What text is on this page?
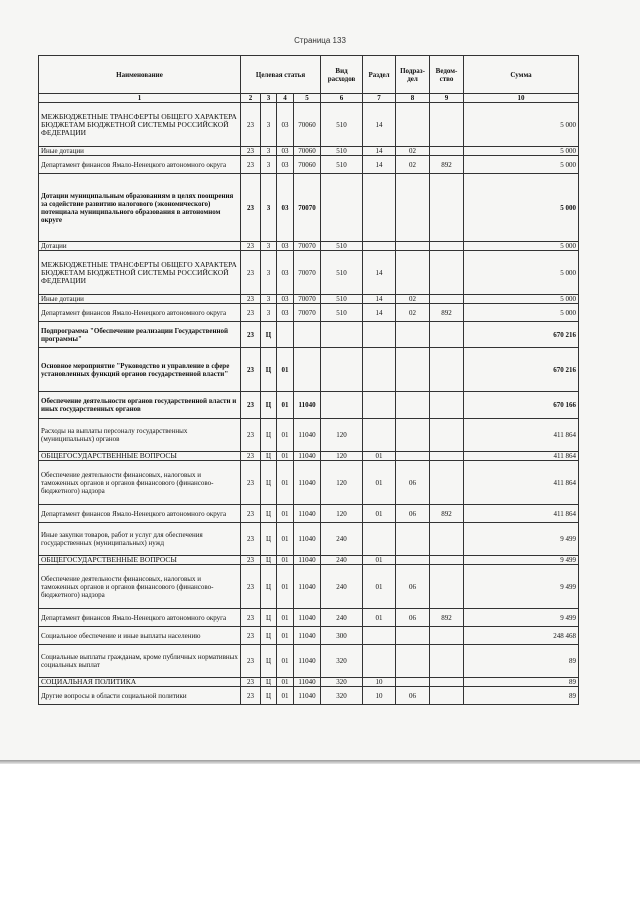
Страница 133
Наименование	Целевая статья				Вид расходов	Раздел	Подраз-дел	Ведом-ство	Сумма
1	2	3	4	5	6	7	8	9	10
МЕЖБЮДЖЕТНЫЕ ТРАНСФЕРТЫ ОБЩЕГО ХАРАКТЕРА БЮДЖЕТАМ БЮДЖЕТНОЙ СИСТЕМЫ РОССИЙСКОЙ ФЕДЕРАЦИИ	23	3	03	70060	510	14			5 000
Иные дотации	23	3	03	70060	510	14	02		5 000
Департамент финансов Ямало-Ненецкого автономного округа	23	3	03	70060	510	14	02	892	5 000
Дотации муниципальным образованиям в целях поощрения за содействие развитию налогового (экономического) потенциала муниципального образования в автономном округе	23	3	03	70070					5 000
Дотации	23	3	03	70070	510				5 000
МЕЖБЮДЖЕТНЫЕ ТРАНСФЕРТЫ ОБЩЕГО ХАРАКТЕРА БЮДЖЕТАМ БЮДЖЕТНОЙ СИСТЕМЫ РОССИЙСКОЙ ФЕДЕРАЦИИ	23	3	03	70070	510	14			5 000
Иные дотации	23	3	03	70070	510	14	02		5 000
Департамент финансов Ямало-Ненецкого автономного округа	23	3	03	70070	510	14	02	892	5 000
Подпрограмма "Обеспечение реализации Государственной программы"	23	Ц							670 216
Основное мероприятие "Руководство и управление в сфере установленных функций органов государственной власти"	23	Ц	01						670 216
Обеспечение деятельности органов государственной власти и иных государственных органов	23	Ц	01	11040					670 166
Расходы на выплаты персоналу государственных (муниципальных) органов	23	Ц	01	11040	120				411 864
ОБЩЕГОСУДАРСТВЕННЫЕ ВОПРОСЫ	23	Ц	01	11040	120	01			411 864
Обеспечение деятельности финансовых, налоговых и таможенных органов и органов финансового (финансово-бюджетного) надзора	23	Ц	01	11040	120	01	06		411 864
Департамент финансов Ямало-Ненецкого автономного округа	23	Ц	01	11040	120	01	06	892	411 864
Иные закупки товаров, работ и услуг для обеспечения государственных (муниципальных) нужд	23	Ц	01	11040	240				9 499
ОБЩЕГОСУДАРСТВЕННЫЕ ВОПРОСЫ	23	Ц	01	11040	240	01			9 499
Обеспечение деятельности финансовых, налоговых и таможенных органов и органов финансового (финансово-бюджетного) надзора	23	Ц	01	11040	240	01	06		9 499
Департамент финансов Ямало-Ненецкого автономного округа	23	Ц	01	11040	240	01	06	892	9 499
Социальное обеспечение и иные выплаты населению	23	Ц	01	11040	300				248 468
Социальные выплаты гражданам, кроме публичных нормативных социальных выплат	23	Ц	01	11040	320				89
СОЦИАЛЬНАЯ ПОЛИТИКА	23	Ц	01	11040	320	10			89
Другие вопросы в области социальной политики	23	Ц	01	11040	320	10	06		89
